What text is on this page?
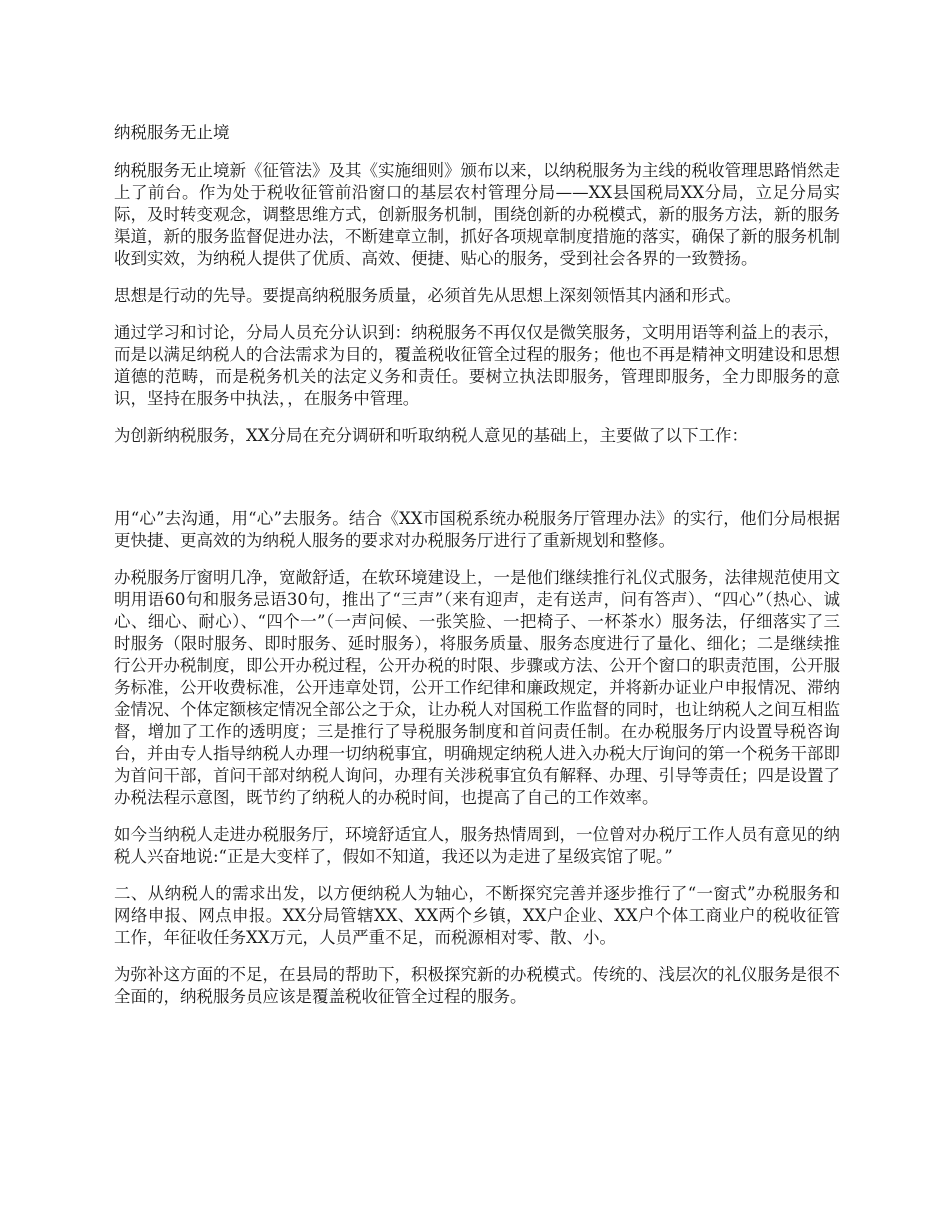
纳税服务无止境

纳税服务无止境新《征管法》及其《实施细则》颁布以来，以纳税服务为主线的税收管理思路悄然走上了前台。作为处于税收征管前沿窗口的基层农村管理分局——XX县国税局XX分局，立足分局实际，及时转变观念，调整思维方式，创新服务机制，围绕创新的办税模式，新的服务方法，新的服务渠道，新的服务监督促进办法，不断建章立制，抓好各项规章制度措施的落实，确保了新的服务机制收到实效，为纳税人提供了优质、高效、便捷、贴心的服务，受到社会各界的一致赞扬。

思想是行动的先导。要提高纳税服务质量，必须首先从思想上深刻领悟其内涵和形式。

通过学习和讨论，分局人员充分认识到：纳税服务不再仅仅是微笑服务，文明用语等利益上的表示，而是以满足纳税人的合法需求为目的，覆盖税收征管全过程的服务；他也不再是精神文明建设和思想道德的范畴，而是税务机关的法定义务和责任。要树立执法即服务，管理即服务，全力即服务的意识，坚持在服务中执法，，在服务中管理。

为创新纳税服务，XX分局在充分调研和听取纳税人意见的基础上，主要做了以下工作：

用“心”去沟通，用“心”去服务。结合《XX市国税系统办税服务厅管理办法》的实行，他们分局根据更快捷、更高效的为纳税人服务的要求对办税服务厅进行了重新规划和整修。

办税服务厅窗明几净，宽敞舒适，在软环境建设上，一是他们继续推行礼仪式服务，法律规范使用文明用语60句和服务忌语30句，推出了“三声”（来有迎声，走有送声，问有答声）、“四心”（热心、诚心、细心、耐心）、“四个一”（一声问候、一张笑脸、一把椅子、一杯茶水）服务法，仔细落实了三时服务（限时服务、即时服务、延时服务），将服务质量、服务态度进行了量化、细化；二是继续推行公开办税制度，即公开办税过程，公开办税的时限、步骤或方法、公开个窗口的职责范围，公开服务标准，公开收费标准，公开违章处罚，公开工作纪律和廉政规定，并将新办证业户申报情况、滞纳金情况、个体定额核定情况全部公之于众，让办税人对国税工作监督的同时，也让纳税人之间互相监督，增加了工作的透明度；三是推行了导税服务制度和首问责任制。在办税服务厅内设置导税咨询台，并由专人指导纳税人办理一切纳税事宜，明确规定纳税人进入办税大厅询问的第一个税务干部即为首问干部，首问干部对纳税人询问，办理有关涉税事宜负有解释、办理、引导等责任；四是设置了办税法程示意图，既节约了纳税人的办税时间，也提高了自己的工作效率。

如今当纳税人走进办税服务厅，环境舒适宜人，服务热情周到，一位曾对办税厅工作人员有意见的纳税人兴奋地说:“正是大变样了，假如不知道，我还以为走进了星级宾馆了呢。”

二、从纳税人的需求出发，以方便纳税人为轴心，不断探究完善并逐步推行了“一窗式”办税服务和网络申报、网点申报。XX分局管辖XX、XX两个乡镇，XX户企业、XX户个体工商业户的税收征管工作，年征收任务XX万元，人员严重不足，而税源相对零、散、小。

为弥补这方面的不足，在县局的帮助下，积极探究新的办税模式。传统的、浅层次的礼仪服务是很不全面的，纳税服务员应该是覆盖税收征管全过程的服务。
